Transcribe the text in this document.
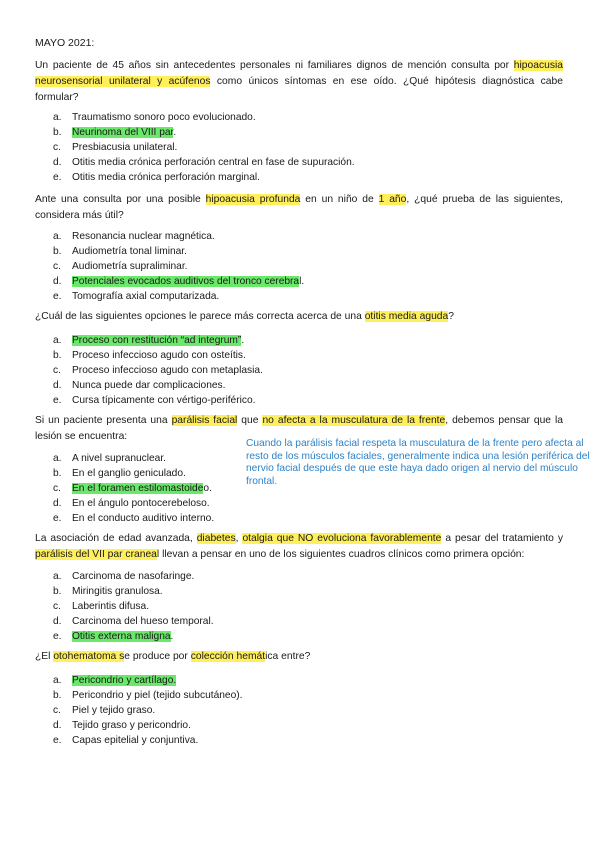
MAYO 2021:
Un paciente de 45 años sin antecedentes personales ni familiares dignos de mención consulta por hipoacusia neurosensorial unilateral y acúfenos como únicos síntomas en ese oído. ¿Qué hipótesis diagnóstica cabe formular?
a. Traumatismo sonoro poco evolucionado.
b. Neurinoma del VIII par.
c. Presbiacusia unilateral.
d. Otitis media crónica perforación central en fase de supuración.
e. Otitis media crónica perforación marginal.
Ante una consulta por una posible hipoacusia profunda en un niño de 1 año, ¿qué prueba de las siguientes, considera más útil?
a. Resonancia nuclear magnética.
b. Audiometría tonal liminar.
c. Audiometría supraliminar.
d. Potenciales evocados auditivos del tronco cerebral.
e. Tomografía axial computarizada.
¿Cuál de las siguientes opciones le parece más correcta acerca de una otitis media aguda?
a. Proceso con restitución “ad integrum”.
b. Proceso infeccioso agudo con osteítis.
c. Proceso infeccioso agudo con metaplasia.
d. Nunca puede dar complicaciones.
e. Cursa típicamente con vértigo-periférico.
Si un paciente presenta una parálisis facial que no afecta a la musculatura de la frente, debemos pensar que la lesión se encuentra:
a. A nivel supranuclear.
b. En el ganglio geniculado.
c. En el foramen estilomastoideo.
d. En el ángulo pontocerebeloso.
e. En el conducto auditivo interno.
Cuando la parálisis facial respeta la musculatura de la frente pero afecta al resto de los músculos faciales, generalmente indica una lesión periférica del nervio facial después de que este haya dado origen al nervio del músculo frontal.
La asociación de edad avanzada, diabetes, otalgia que NO evoluciona favorablemente a pesar del tratamiento y parálisis del VII par craneal llevan a pensar en uno de los siguientes cuadros clínicos como primera opción:
a. Carcinoma de nasofaringe.
b. Miringitis granulosa.
c. Laberintis difusa.
d. Carcinoma del hueso temporal.
e. Otitis externa maligna.
¿El otohematoma se produce por colección hemática entre?
a. Pericondrio y cartílago.
b. Pericondrio y piel (tejido subcutáneo).
c. Piel y tejido graso.
d. Tejido graso y pericondrio.
e. Capas epitelial y conjuntiva.
